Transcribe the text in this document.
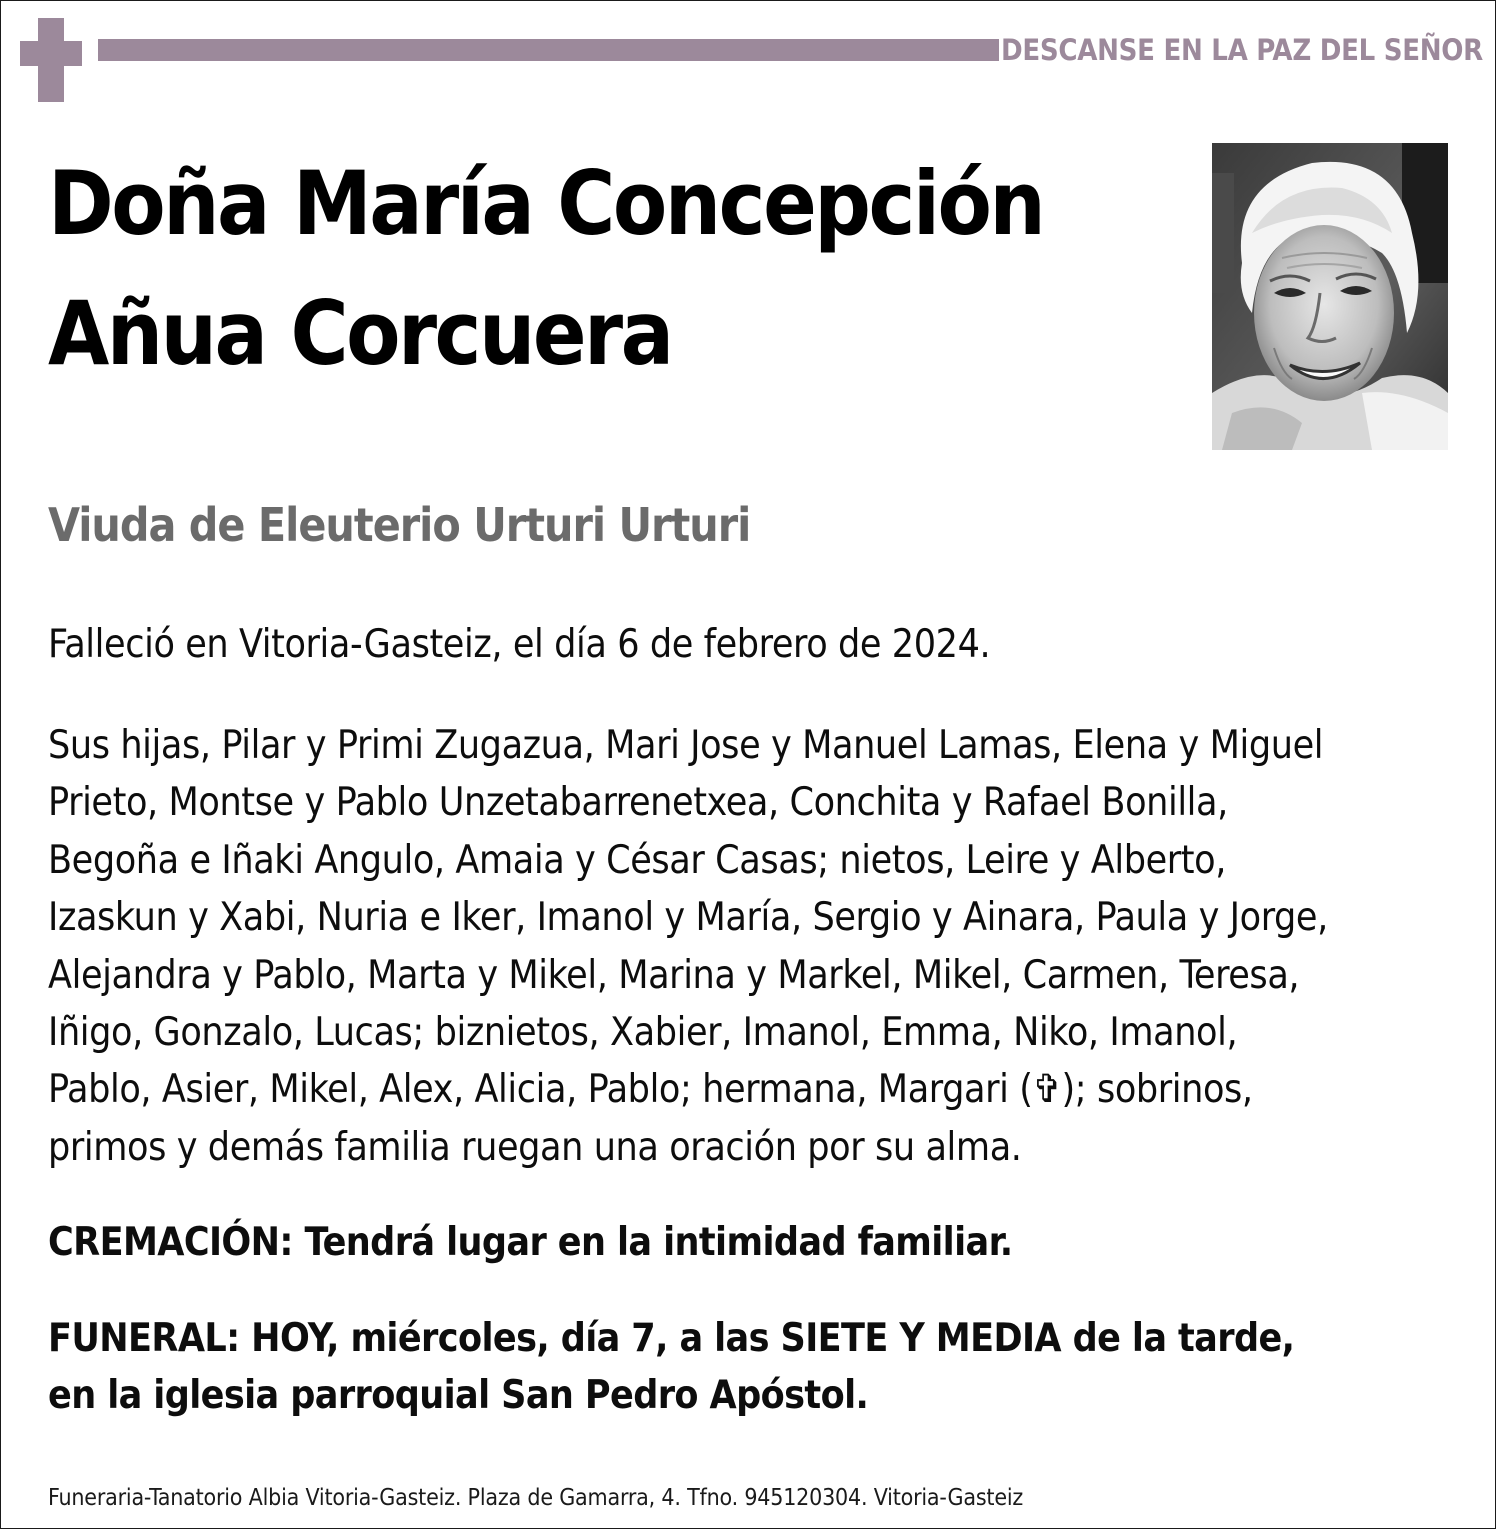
DESCANSE EN LA PAZ DEL SEÑOR
Doña María Concepción
Añua Corcuera
Viuda de Eleuterio Urturi Urturi

Falleció en Vitoria-Gasteiz, el día 6 de febrero de 2024.

Sus hijas, Pilar y Primi Zugazua, Mari Jose y Manuel Lamas, Elena y Miguel
Prieto, Montse y Pablo Unzetabarrenetxea, Conchita y Rafael Bonilla,
Begoña e Iñaki Angulo, Amaia y César Casas; nietos, Leire y Alberto,
Izaskun y Xabi, Nuria e Iker, Imanol y María, Sergio y Ainara, Paula y Jorge,
Alejandra y Pablo, Marta y Mikel, Marina y Markel, Mikel, Carmen, Teresa,
Iñigo, Gonzalo, Lucas; biznietos, Xabier, Imanol, Emma, Niko, Imanol,
Pablo, Asier, Mikel, Alex, Alicia, Pablo; hermana, Margari (✞); sobrinos,
primos y demás familia ruegan una oración por su alma.

CREMACIÓN: Tendrá lugar en la intimidad familiar.

FUNERAL: HOY, miércoles, día 7, a las SIETE Y MEDIA de la tarde,
en la iglesia parroquial San Pedro Apóstol.

Funeraria-Tanatorio Albia Vitoria-Gasteiz. Plaza de Gamarra, 4. Tfno. 945120304. Vitoria-Gasteiz
